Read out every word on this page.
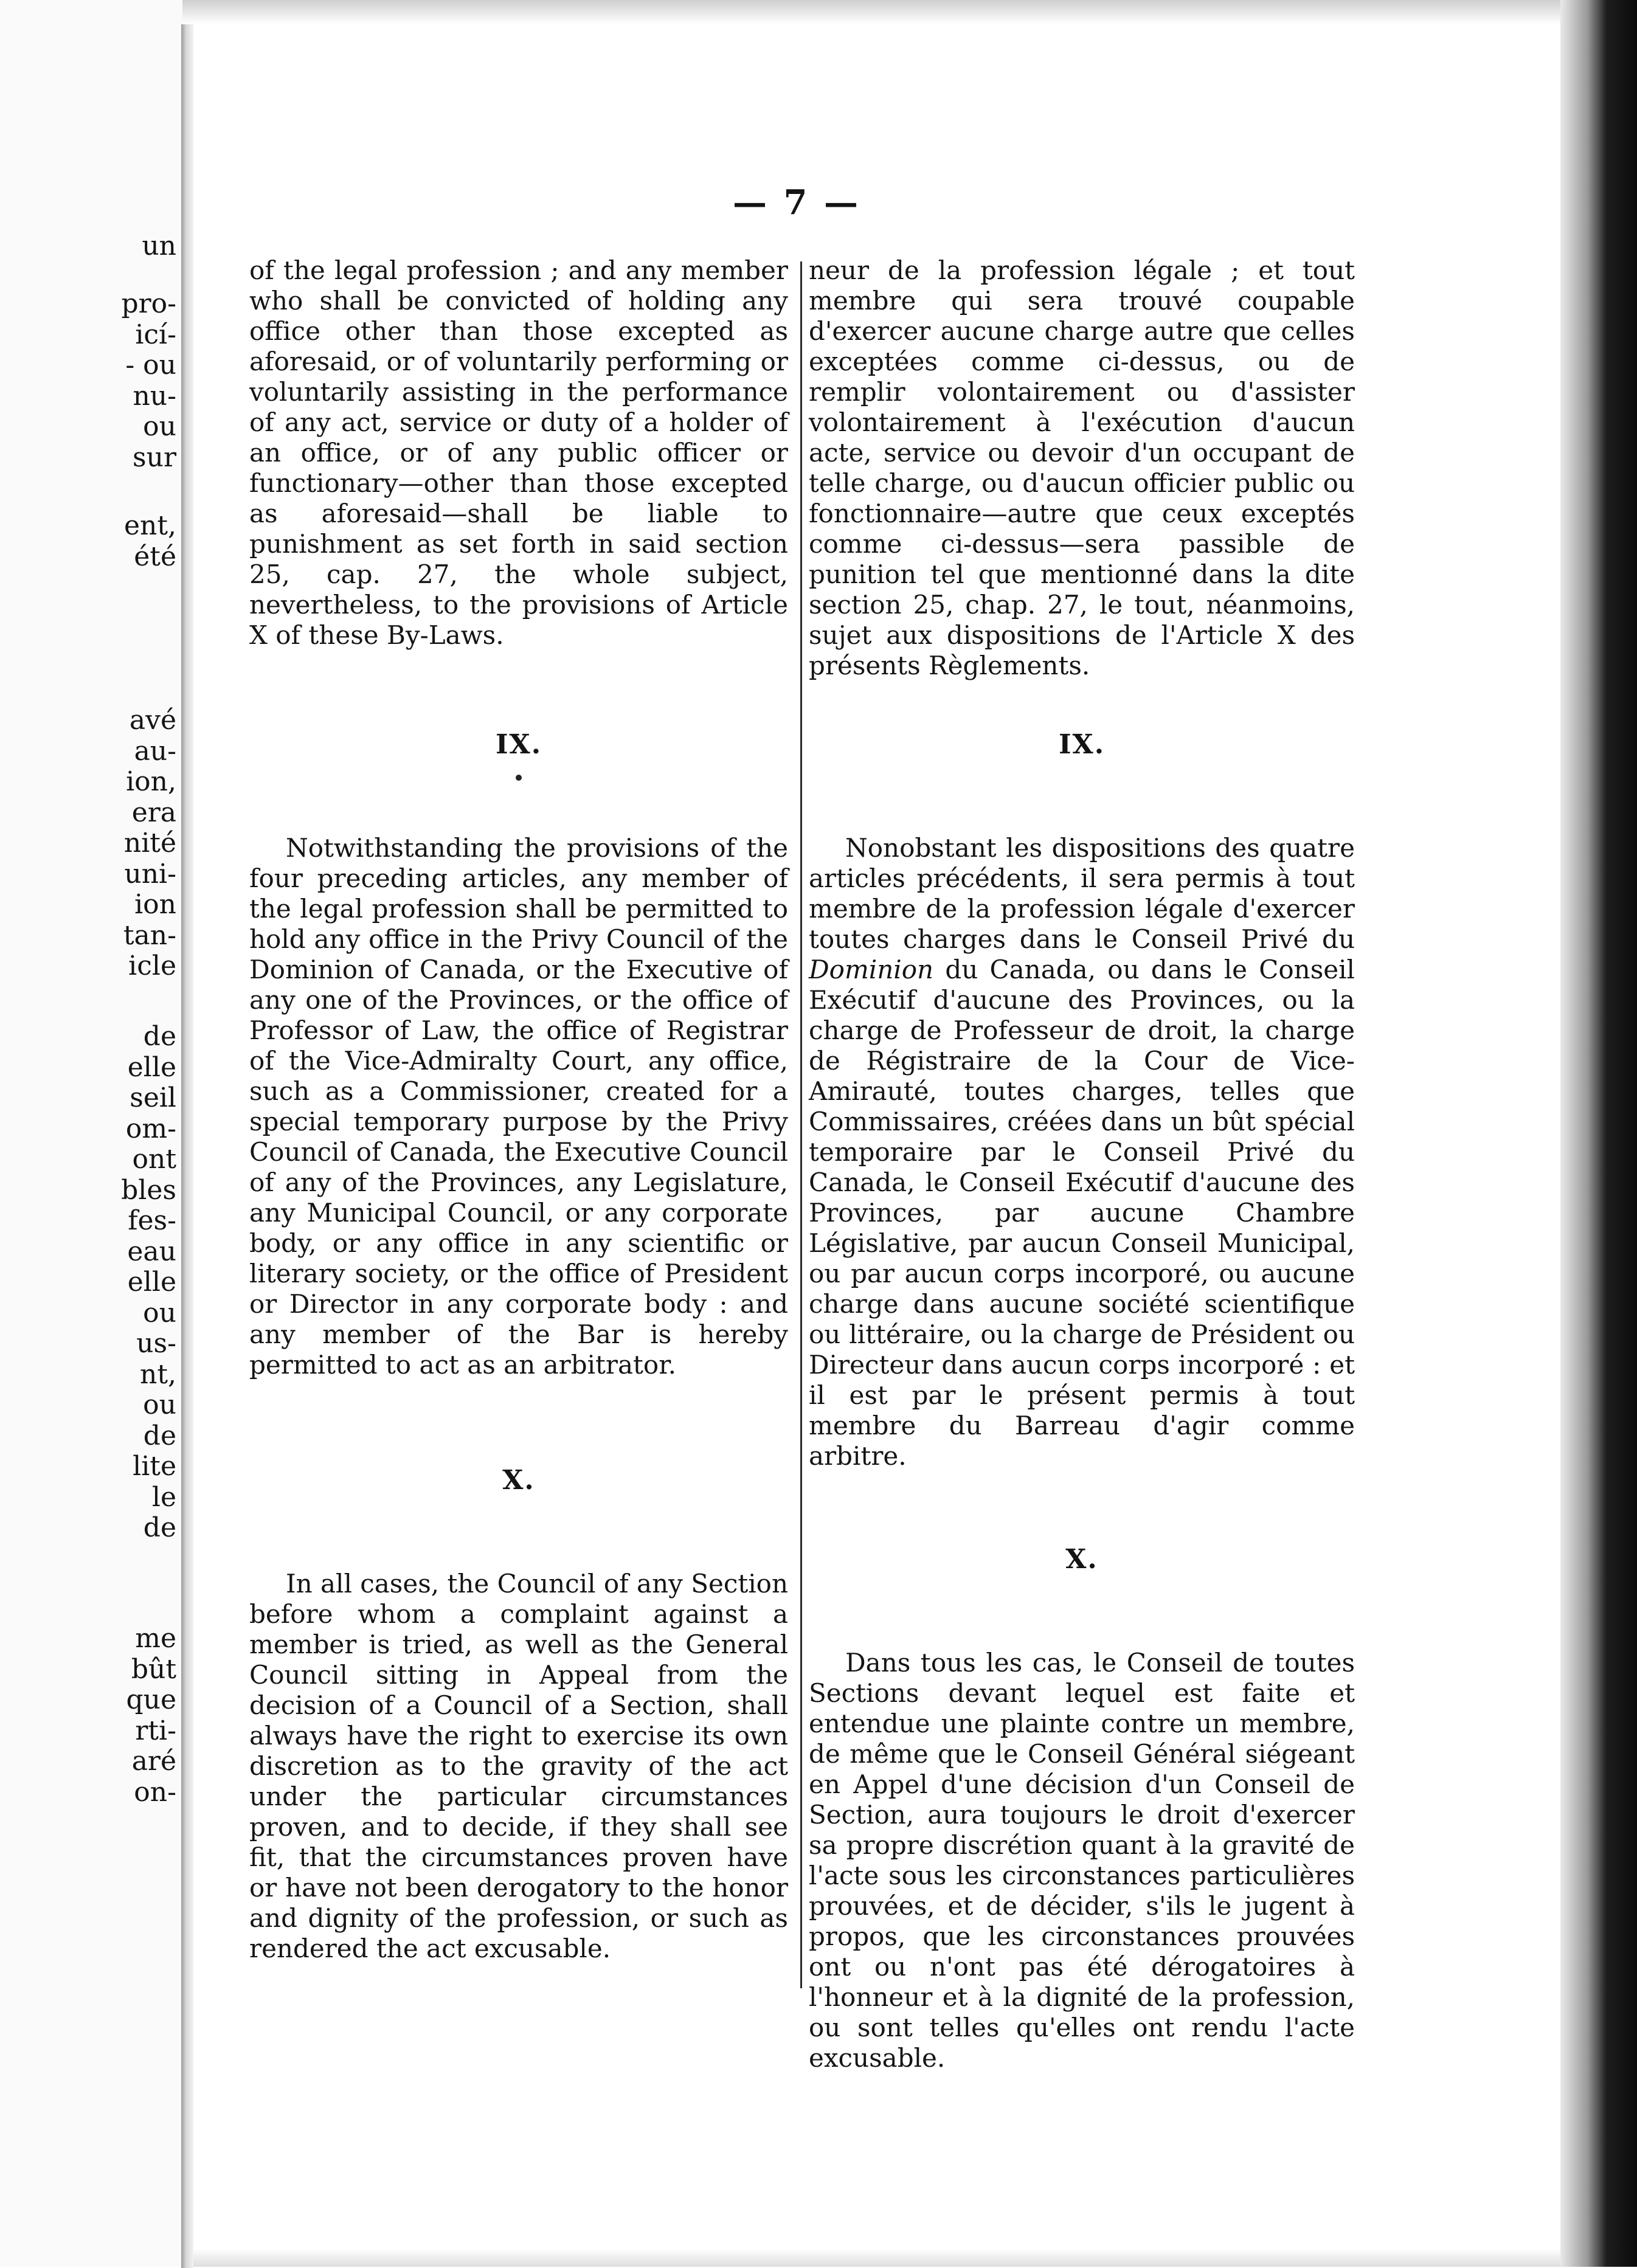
un
pro-
icí-
- ou
nu-
ou
sur
ent,
été
avé
au-
ion,
era
nité
uni-
ion
tan-
icle
de
elle
seil
om-
ont
bles
fes-
eau
elle
ou
us-
nt,
ou
de
lite
le
de
me
bût
que
rti-
aré
on-
— 7 —

of the legal profession ; and any member who shall be convicted of holding any office other than those excepted as aforesaid, or of voluntarily performing or voluntarily assisting in the performance of any act, service or duty of a holder of an office, or of any public officer or functionary—other than those excepted as aforesaid—shall be liable to punishment as set forth in said section 25, cap. 27, the whole subject, nevertheless, to the provisions of Article X of these By-Laws.

IX.

Notwithstanding the provisions of the four preceding articles, any member of the legal profession shall be permitted to hold any office in the Privy Council of the Dominion of Canada, or the Executive of any one of the Provinces, or the office of Professor of Law, the office of Registrar of the Vice-Admiralty Court, any office, such as a Commissioner, created for a special temporary purpose by the Privy Council of Canada, the Executive Council of any of the Provinces, any Legislature, any Municipal Council, or any corporate body, or any office in any scientific or literary society, or the office of President or Director in any corporate body : and any member of the Bar is hereby permitted to act as an arbitrator.

X.

In all cases, the Council of any Section before whom a complaint against a member is tried, as well as the General Council sitting in Appeal from the decision of a Council of a Section, shall always have the right to exercise its own discretion as to the gravity of the act under the particular circumstances proven, and to decide, if they shall see fit, that the circumstances proven have or have not been derogatory to the honor and dignity of the profession, or such as rendered the act excusable.

neur de la profession légale ; et tout membre qui sera trouvé coupable d'exercer aucune charge autre que celles exceptées comme ci-dessus, ou de remplir volontairement ou d'assister volontairement à l'exécution d'aucun acte, service ou devoir d'un occupant de telle charge, ou d'aucun officier public ou fonctionnaire—autre que ceux exceptés comme ci-dessus—sera passible de punition tel que mentionné dans la dite section 25, chap. 27, le tout, néanmoins, sujet aux dispositions de l'Article X des présents Règlements.

IX.

Nonobstant les dispositions des quatre articles précédents, il sera permis à tout membre de la profession légale d'exercer toutes charges dans le Conseil Privé du Dominion du Canada, ou dans le Conseil Exécutif d'aucune des Provinces, ou la charge de Professeur de droit, la charge de Régistraire de la Cour de Vice-Amirauté, toutes charges, telles que Commissaires, créées dans un bût spécial temporaire par le Conseil Privé du Canada, le Conseil Exécutif d'aucune des Provinces, par aucune Chambre Législative, par aucun Conseil Municipal, ou par aucun corps incorporé, ou aucune charge dans aucune société scientifique ou littéraire, ou la charge de Président ou Directeur dans aucun corps incorporé : et il est par le présent permis à tout membre du Barreau d'agir comme arbitre.

X.

Dans tous les cas, le Conseil de toutes Sections devant lequel est faite et entendue une plainte contre un membre, de même que le Conseil Général siégeant en Appel d'une décision d'un Conseil de Section, aura toujours le droit d'exercer sa propre discrétion quant à la gravité de l'acte sous les circonstances particulières prouvées, et de décider, s'ils le jugent à propos, que les circonstances prouvées ont ou n'ont pas été dérogatoires à l'honneur et à la dignité de la profession, ou sont telles qu'elles ont rendu l'acte excusable.
